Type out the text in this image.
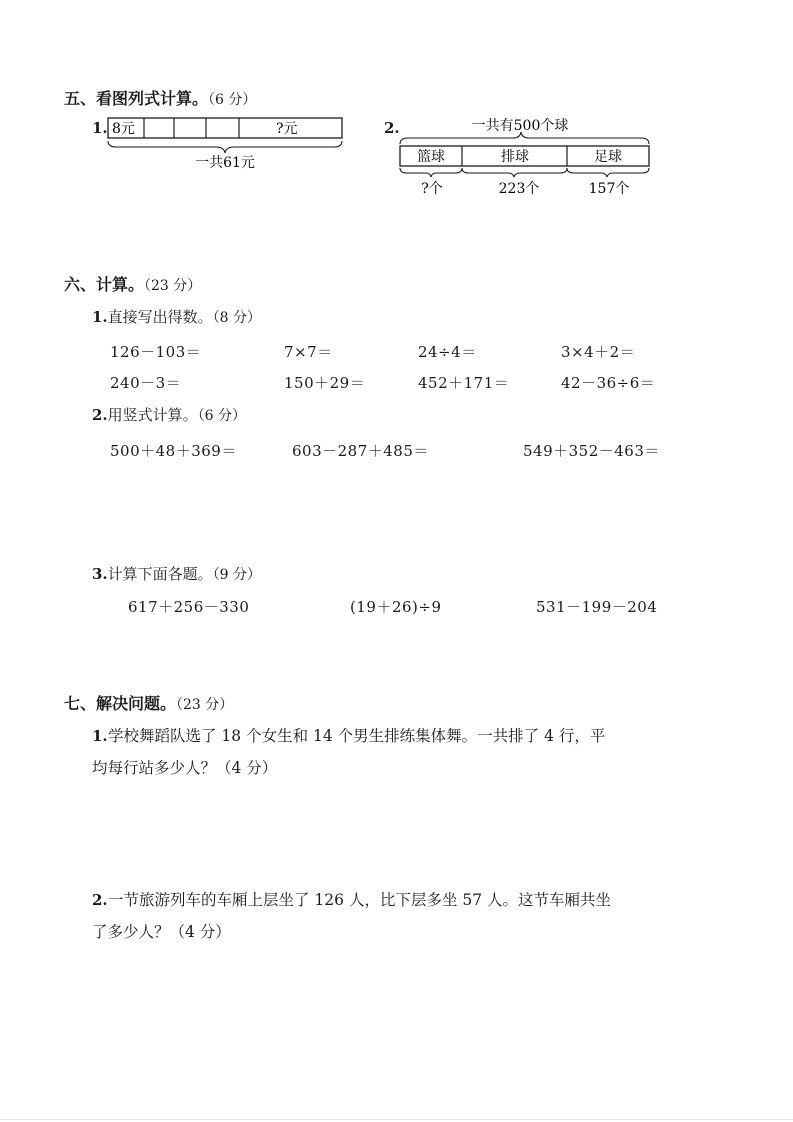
五、看图列式计算。（6 分）
1. 8元	?元
一共61元
2.	一共有500个球
篮球	排球	足球
?个	223个	157个
六、计算。（23 分）
1.直接写出得数。（8 分）
126－103＝	7×7＝	24÷4＝	3×4＋2＝
240－3＝	150＋29＝	452＋171＝	42－36÷6＝
2.用竖式计算。（6 分）
500＋48＋369＝	603－287＋485＝	549＋352－463＝
3.计算下面各题。（9 分）
617＋256－330	(19＋26)÷9	531－199－204
七、解决问题。（23 分）
1. 学校舞蹈队选了 18 个女生和 14 个男生排练集体舞。一共排了 4 行，平
均每行站多少人？（4 分）
2. 一节旅游列车的车厢上层坐了 126 人，比下层多坐 57 人。这节车厢共坐
了多少人？（4 分）
